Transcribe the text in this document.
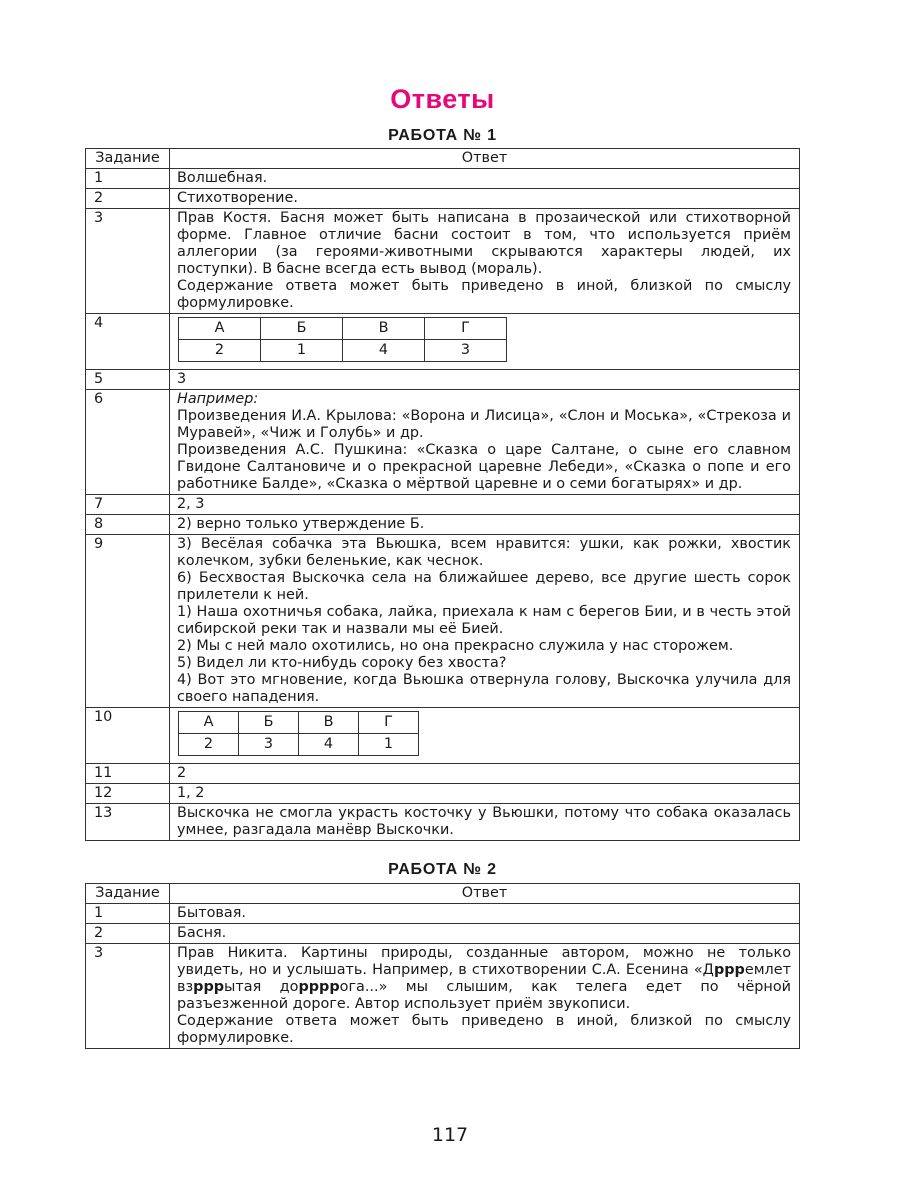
Ответы
РАБОТА № 1
Задание	Ответ
1	Волшебная.

2	Стихотворение.

3	Прав Костя. Басня может быть написана в прозаической или стихотворной форме. Главное отличие басни состоит в том, что используется приём аллегории (за героями-животными скрываются характеры людей, их поступки). В басне всегда есть вывод (мораль).
Содержание ответа может быть приведено в иной, близкой по смыслу формулировке.

4		А	Б	В	Г
2	1	4	3

5	3

6	Например:
Произведения И.А. Крылова: «Ворона и Лисица», «Слон и Моська», «Стрекоза и Муравей», «Чиж и Голубь» и др.
Произведения А.С. Пушкина: «Сказка о царе Салтане, о сыне его славном Гвидоне Салтановиче и о прекрасной царевне Лебеди», «Сказка о попе и его работнике Балде», «Сказка о мёртвой царевне и о семи богатырях» и др.

7	2, 3

8	2) верно только утверждение Б.

9	3) Весёлая собачка эта Вьюшка, всем нравится: ушки, как рожки, хвостик колечком, зубки беленькие, как чеснок.
6) Бесхвостая Выскочка села на ближайшее дерево, все другие шесть сорок прилетели к ней.
1) Наша охотничья собака, лайка, приехала к нам с берегов Бии, и в честь этой сибирской реки так и назвали мы её Бией.
2) Мы с ней мало охотились, но она прекрасно служила у нас сторожем.
5) Видел ли кто-нибудь сороку без хвоста?
4) Вот это мгновение, когда Вьюшка отвернула голову, Выскочка улучила для своего нападения.

10		А	Б	В	Г
2	3	4	1

11	2

12	1, 2

13	Выскочка не смогла украсть косточку у Вьюшки, потому что собака оказалась умнее, разгадала манёвр Выскочки.
РАБОТА № 2
Задание	Ответ
1	Бытовая.

2	Басня.

3	Прав Никита. Картины природы, созданные автором, можно не только увидеть, но и услышать. Например, в стихотворении С.А. Есенина «Дррремлет взрррытая доррррога...» мы слышим, как телега едет по чёрной разъезженной дороге. Автор использует приём звукописи.
Содержание ответа может быть приведено в иной, близкой по смыслу формулировке.
117
